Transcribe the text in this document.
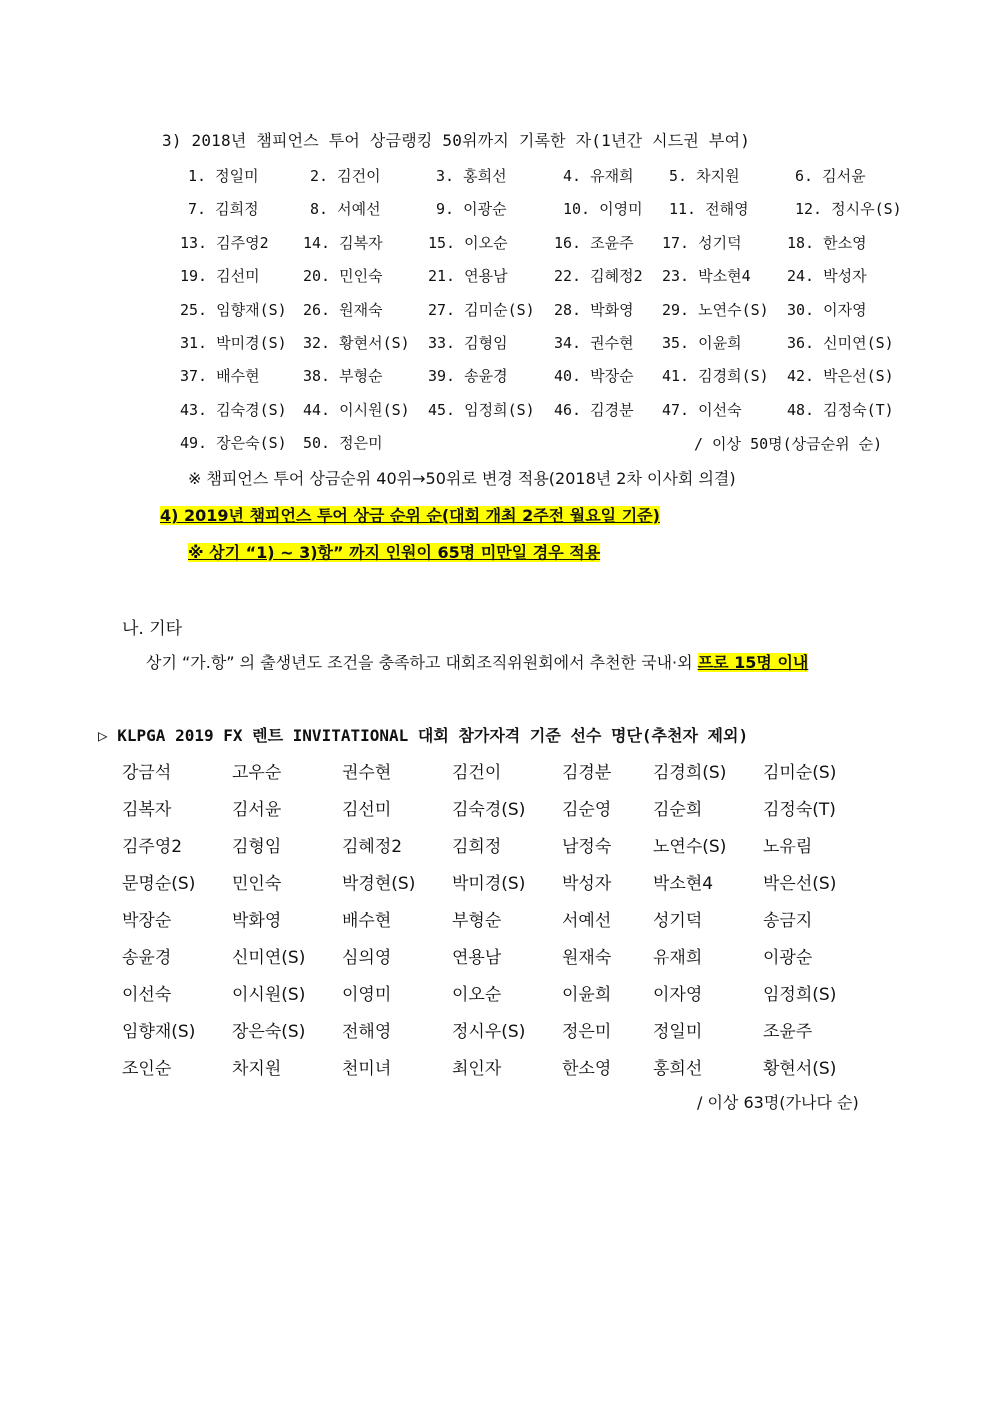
3) 2018년 챔피언스 투어 상금랭킹 50위까지 기록한 자(1년간 시드권 부여)
1. 정일미	2. 김건이	3. 홍희선	4. 유재희 5. 차지원	6. 김서윤
7. 김희정	8. 서예선	9. 이광순	10. 이영미 11. 전해영	12. 정시우(S)
13. 김주영2 14. 김복자	15. 이오순	16. 조윤주 17. 성기덕	18. 한소영
19. 김선미	20. 민인숙	21. 연용남	22. 김혜정2 23. 박소현4 24. 박성자
25. 임향재(S) 26. 원재숙	27. 김미순(S) 28. 박화영 29. 노연수(S) 30. 이자영
31. 박미경(S) 32. 황현서(S) 33. 김형임	34. 권수현 35. 이윤희	36. 신미연(S)
37. 배수현	38. 부형순	39. 송윤경	40. 박장순 41. 김경희(S) 42. 박은선(S)
43. 김숙경(S) 44. 이시원(S) 45. 임정희(S) 46. 김경분 47. 이선숙	48. 김정숙(T)
49. 장은숙(S) 50. 정은미	/ 이상 50명(상금순위 순)
※ 챔피언스 투어 상금순위 40위→50위로 변경 적용(2018년 2차 이사회 의결)
4) 2019년 챔피언스 투어 상금 순위 순(대회 개최 2주전 월요일 기준)
※ 상기 “1) ~ 3)항” 까지 인원이 65명 미만일 경우 적용
나. 기타
상기 “가.항” 의 출생년도 조건을 충족하고 대회조직위원회에서 추천한 국내·외 프로 15명 이내
▷ KLPGA 2019 FX 렌트 INVITATIONAL 대회 참가자격 기준 선수 명단(추천자 제외)
강금석	고우순	권수현	김건이	김경분 김경희(S) 김미순(S)
김복자	김서윤	김선미	김숙경(S) 김순영 김순희	김정숙(T)
김주영2	김형임	김혜정2	김희정	남정숙 노연수(S) 노유림
문명순(S) 민인숙	박경현(S) 박미경(S) 박성자 박소현4	박은선(S)
박장순	박화영	배수현	부형순	서예선 성기덕	송금지
송윤경	신미연(S) 심의영	연용남	원재숙 유재희	이광순
이선숙	이시원(S) 이영미	이오순	이윤희 이자영	임정희(S)
임향재(S) 장은숙(S) 전해영	정시우(S) 정은미 정일미	조윤주
조인순	차지원	천미녀	최인자	한소영 홍희선	황현서(S)
/ 이상 63명(가나다 순)
